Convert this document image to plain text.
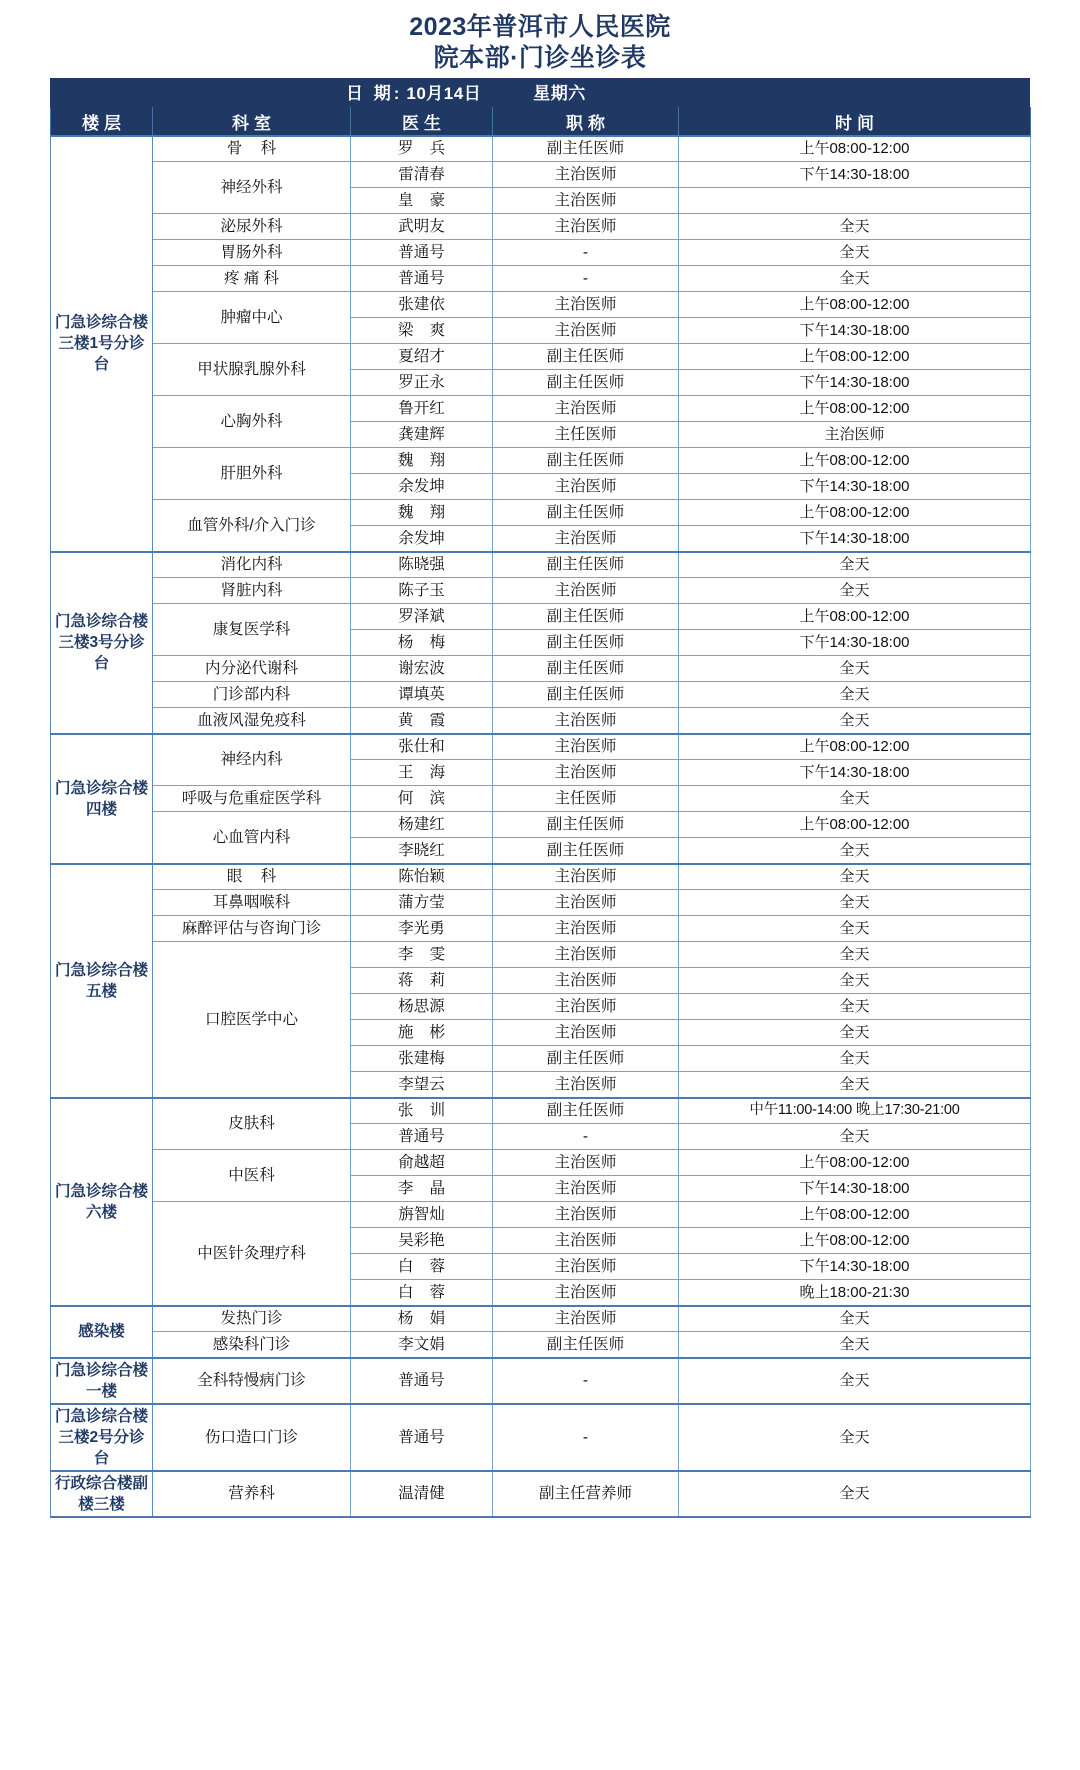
2023年普洱市人民医院
院本部·门诊坐诊表
日 期: 10月14日	星期六
楼层	科室	医生	职称	时间
门急诊综合楼三楼1号分诊台	骨 科	罗 兵	副主任医师	上午08:00-12:00
	神经外科	雷清春	主治医师	下午14:30-18:00
		皇 豪	主治医师	
	泌尿外科	武明友	主治医师	全天
	胃肠外科	普通号	-	全天
	疼 痛 科	普通号	-	全天
	肿瘤中心	张建依	主治医师	上午08:00-12:00
		梁 爽	主治医师	下午14:30-18:00
	甲状腺乳腺外科	夏绍才	副主任医师	上午08:00-12:00
		罗正永	副主任医师	下午14:30-18:00
	心胸外科	鲁开红	主治医师	上午08:00-12:00
		龚建辉	主任医师	主治医师
	肝胆外科	魏 翔	副主任医师	上午08:00-12:00
		余发坤	主治医师	下午14:30-18:00
	血管外科/介入门诊	魏 翔	副主任医师	上午08:00-12:00
		余发坤	主治医师	下午14:30-18:00
门急诊综合楼三楼3号分诊台	消化内科	陈晓强	副主任医师	全天
	肾脏内科	陈子玉	主治医师	全天
	康复医学科	罗泽斌	副主任医师	上午08:00-12:00
		杨 梅	副主任医师	下午14:30-18:00
	内分泌代谢科	谢宏波	副主任医师	全天
	门诊部内科	谭填英	副主任医师	全天
	血液风湿免疫科	黄 霞	主治医师	全天
门急诊综合楼四楼	神经内科	张仕和	主治医师	上午08:00-12:00
		王 海	主治医师	下午14:30-18:00
	呼吸与危重症医学科	何 滨	主任医师	全天
	心血管内科	杨建红	副主任医师	上午08:00-12:00
		李晓红	副主任医师	全天
门急诊综合楼五楼	眼 科	陈怡颖	主治医师	全天
	耳鼻咽喉科	蒲方莹	主治医师	全天
	麻醉评估与咨询门诊	李光勇	主治医师	全天
	口腔医学中心	李 雯	主治医师	全天
		蒋 莉	主治医师	全天
		杨思源	主治医师	全天
		施 彬	主治医师	全天
		张建梅	副主任医师	全天
		李望云	主治医师	全天
门急诊综合楼六楼	皮肤科	张 训	副主任医师	中午11:00-14:00 晚上17:30-21:00
		普通号	-	全天
	中医科	俞越超	主治医师	上午08:00-12:00
		李 晶	主治医师	下午14:30-18:00
	中医针灸理疗科	旃智灿	主治医师	上午08:00-12:00
		吴彩艳	主治医师	上午08:00-12:00
		白 蓉	主治医师	下午14:30-18:00
		白 蓉	主治医师	晚上18:00-21:30
感染楼	发热门诊	杨 娟	主治医师	全天
	感染科门诊	李文娟	副主任医师	全天
门急诊综合楼一楼	全科特慢病门诊	普通号	-	全天
门急诊综合楼三楼2号分诊台	伤口造口门诊	普通号	-	全天
行政综合楼副楼三楼	营养科	温清健	副主任营养师	全天
